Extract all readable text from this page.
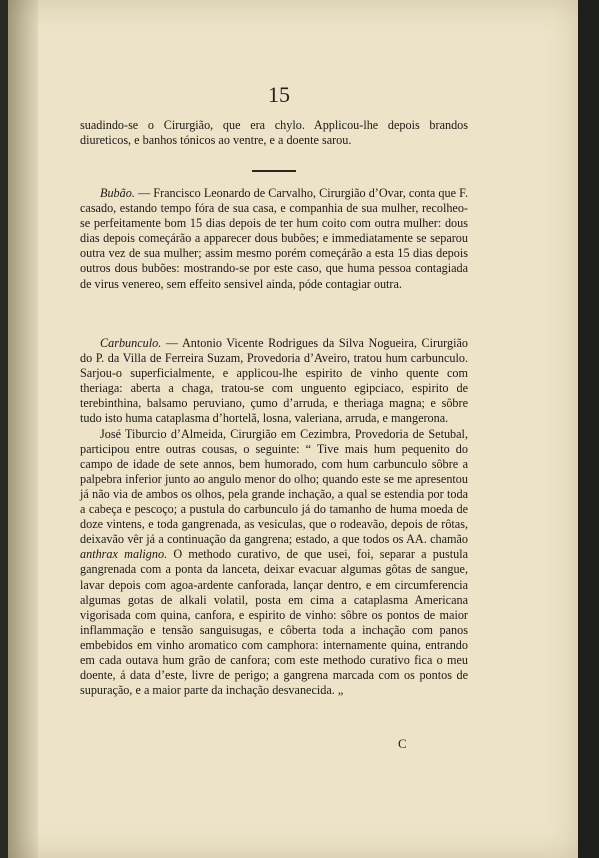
15

suadindo-se o Cirurgião, que era chylo. Applicou-lhe depois brandos diureticos, e banhos tónicos ao ventre, e a doente sarou.

Bubão. — Francisco Leonardo de Carvalho, Cirurgião d’Ovar, conta que F. casado, estando tempo fóra de sua casa, e companhia de sua mulher, recolheo-se perfeitamente bom 15 dias depois de ter hum coito com outra mulher: dous dias depois começárão a apparecer dous bubões; e immediatamente se separou outra vez de sua mulher; assim mesmo porém começárão a esta 15 dias depois outros dous bubões: mostrando-se por este caso, que huma pessoa contagiada de virus venereo, sem effeito sensivel ainda, póde contagiar outra.

Carbunculo. — Antonio Vicente Rodrigues da Silva Nogueira, Cirurgião do P. da Villa de Ferreira Suzam, Provedoria d’Aveiro, tratou hum carbunculo. Sarjou-o superficialmente, e applicou-lhe espirito de vinho quente com theriaga: aberta a chaga, tratou-se com unguento egipciaco, espirito de terebinthina, balsamo peruviano, çumo d’arruda, e theriaga magna; e sôbre tudo isto huma cataplasma d’hortelã, losna, valeriana, arruda, e mangerona.

José Tiburcio d’Almeida, Cirurgião em Cezimbra, Provedoria de Setubal, participou entre outras cousas, o seguinte: “ Tive mais hum pequenito do campo de idade de sete annos, bem humorado, com hum carbunculo sôbre a palpebra inferior junto ao angulo menor do olho; quando este se me apresentou já não via de ambos os olhos, pela grande inchação, a qual se estendia por toda a cabeça e pescoço; a pustula do carbunculo já do tamanho de huma moeda de doze vintens, e toda gangrenada, as vesiculas, que o rodeavão, depois de rôtas, deixavão vêr já a continuação da gangrena; estado, a que todos os AA. chamão anthrax maligno. O methodo curativo, de que usei, foi, separar a pustula gangrenada com a ponta da lanceta, deixar evacuar algumas gôtas de sangue, lavar depois com agoa-ardente canforada, lançar dentro, e em circumferencia algumas gotas de alkali volatil, posta em cima a cataplasma Americana vigorisada com quina, canfora, e espirito de vinho: sôbre os pontos de maior inflammação e tensão sanguisugas, e côberta toda a inchação com panos embebidos em vinho aromatico com camphora: internamente quina, entrando em cada outava hum grão de canfora; com este methodo curativo fica o meu doente, á data d’este, livre de perigo; a gangrena marcada com os pontos de supuração, e a maior parte da inchação desvanecida. „

C
